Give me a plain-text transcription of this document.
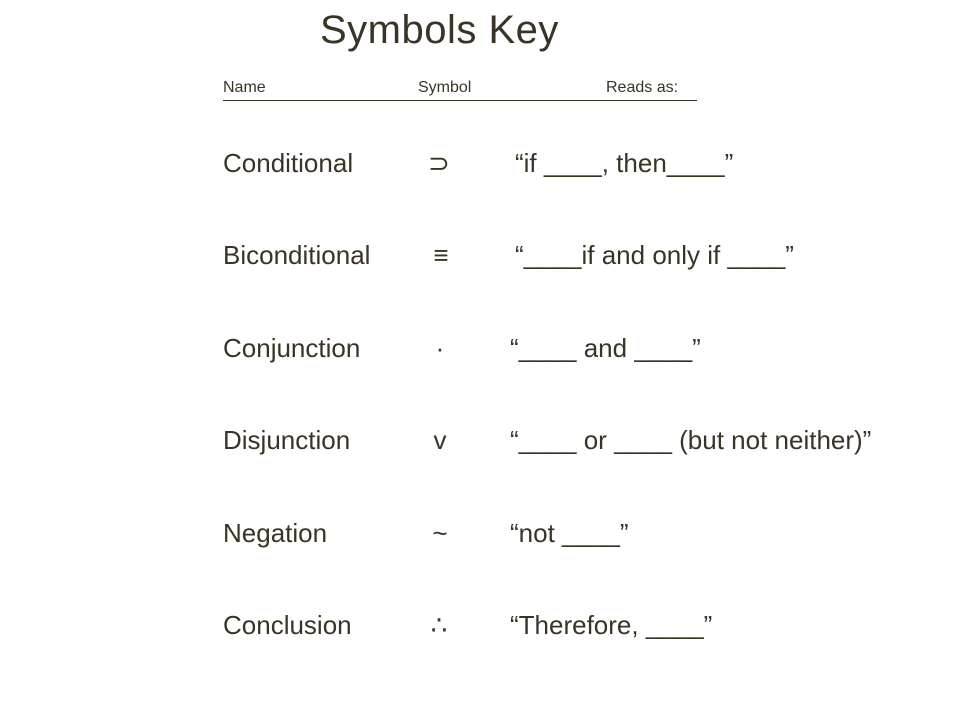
Symbols Key
Name	Symbol	Reads as:
Conditional	⊃	“if ____, then____”
Biconditional	≡	“____if and only if ____”
Conjunction	·	“____ and ____”
Disjunction	v	“____ or ____ (but not neither)”
Negation	~	“not ____”
Conclusion	∴	“Therefore, ____”
